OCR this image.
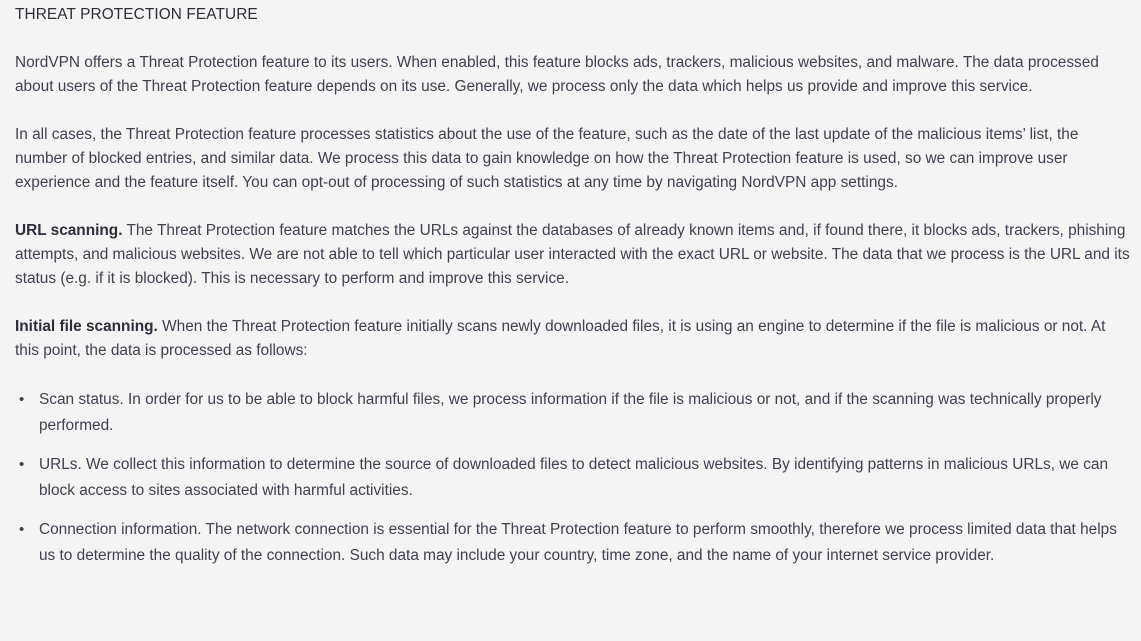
THREAT PROTECTION FEATURE

NordVPN offers a Threat Protection feature to its users. When enabled, this feature blocks ads, trackers, malicious websites, and malware. The data processed about users of the Threat Protection feature depends on its use. Generally, we process only the data which helps us provide and improve this service.

In all cases, the Threat Protection feature processes statistics about the use of the feature, such as the date of the last update of the malicious items’ list, the number of blocked entries, and similar data. We process this data to gain knowledge on how the Threat Protection feature is used, so we can improve user experience and the feature itself. You can opt-out of processing of such statistics at any time by navigating NordVPN app settings.

URL scanning. The Threat Protection feature matches the URLs against the databases of already known items and, if found there, it blocks ads, trackers, phishing attempts, and malicious websites. We are not able to tell which particular user interacted with the exact URL or website. The data that we process is the URL and its status (e.g. if it is blocked). This is necessary to perform and improve this service.

Initial file scanning. When the Threat Protection feature initially scans newly downloaded files, it is using an engine to determine if the file is malicious or not. At this point, the data is processed as follows:

• Scan status. In order for us to be able to block harmful files, we process information if the file is malicious or not, and if the scanning was technically properly performed.
• URLs. We collect this information to determine the source of downloaded files to detect malicious websites. By identifying patterns in malicious URLs, we can block access to sites associated with harmful activities.
• Connection information. The network connection is essential for the Threat Protection feature to perform smoothly, therefore we process limited data that helps us to determine the quality of the connection. Such data may include your country, time zone, and the name of your internet service provider.
